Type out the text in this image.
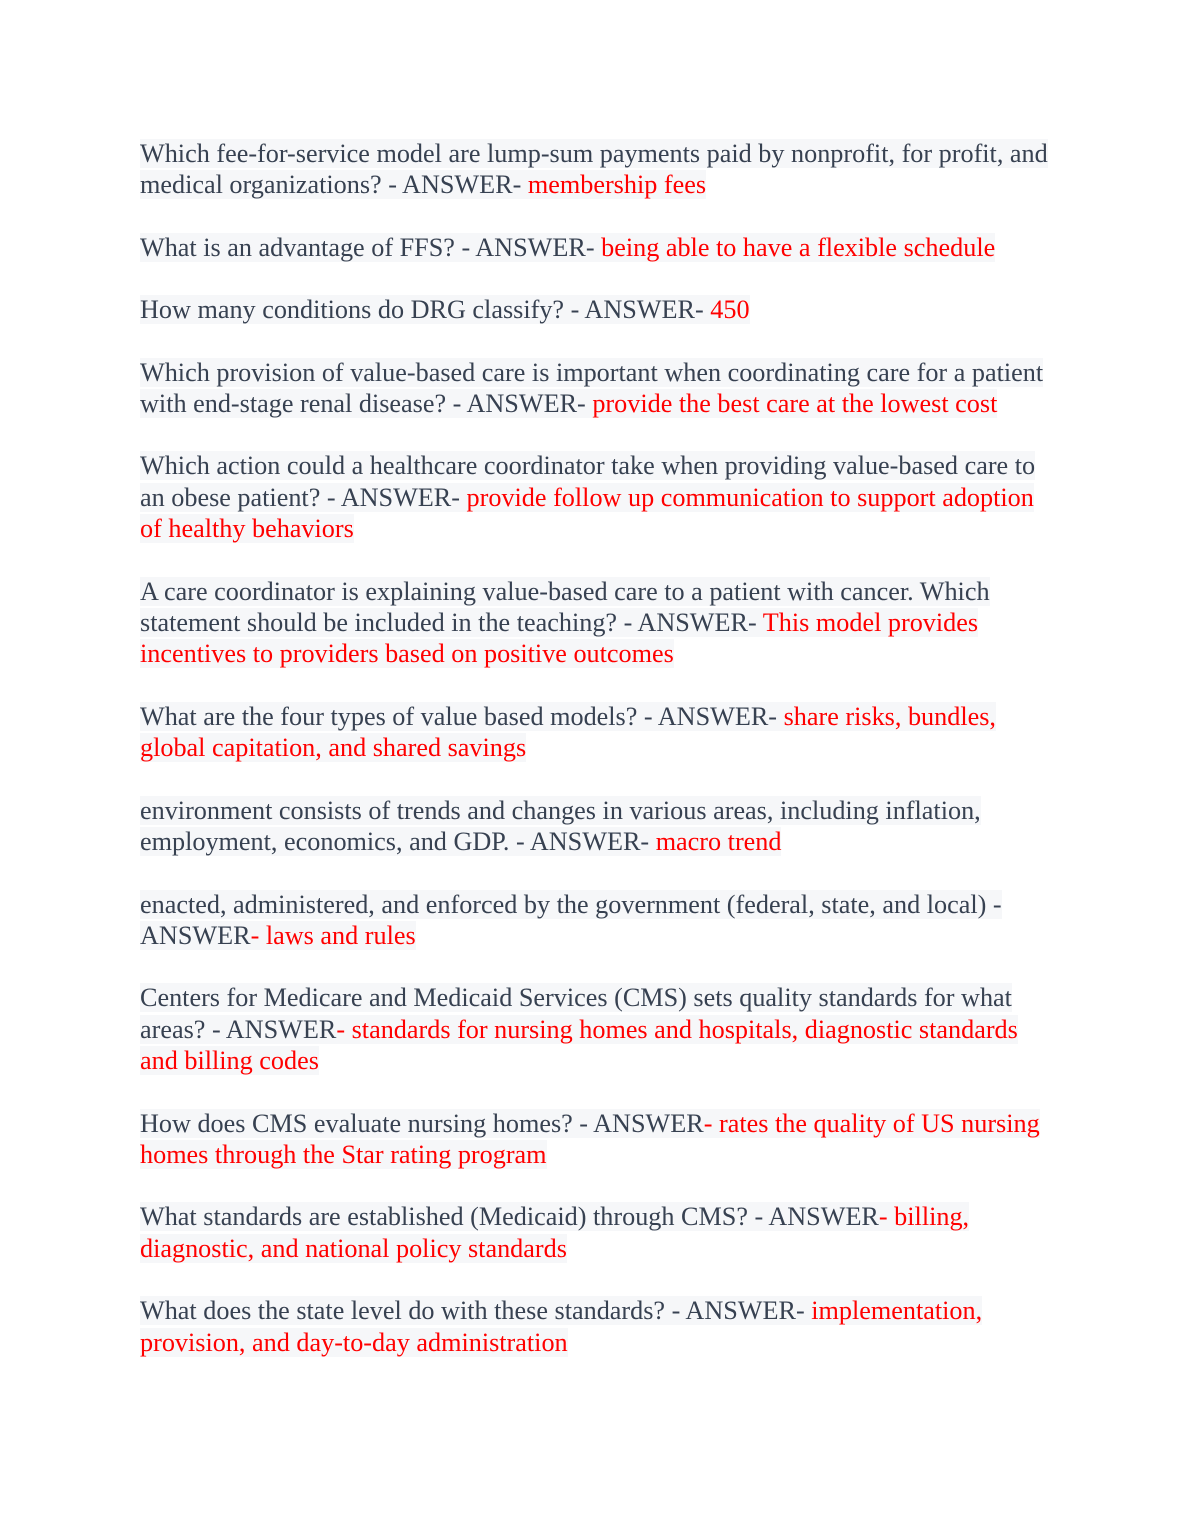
Which fee-for-service model are lump-sum payments paid by nonprofit, for profit, and medical organizations? - ANSWER- membership fees

What is an advantage of FFS? - ANSWER- being able to have a flexible schedule

How many conditions do DRG classify? - ANSWER- 450

Which provision of value-based care is important when coordinating care for a patient with end-stage renal disease? - ANSWER- provide the best care at the lowest cost

Which action could a healthcare coordinator take when providing value-based care to an obese patient? - ANSWER- provide follow up communication to support adoption of healthy behaviors

A care coordinator is explaining value-based care to a patient with cancer. Which statement should be included in the teaching? - ANSWER- This model provides incentives to providers based on positive outcomes

What are the four types of value based models? - ANSWER- share risks, bundles, global capitation, and shared savings

environment consists of trends and changes in various areas, including inflation, employment, economics, and GDP. - ANSWER- macro trend

enacted, administered, and enforced by the government (federal, state, and local) - ANSWER- laws and rules

Centers for Medicare and Medicaid Services (CMS) sets quality standards for what areas? - ANSWER- standards for nursing homes and hospitals, diagnostic standards and billing codes

How does CMS evaluate nursing homes? - ANSWER- rates the quality of US nursing homes through the Star rating program

What standards are established (Medicaid) through CMS? - ANSWER- billing, diagnostic, and national policy standards

What does the state level do with these standards? - ANSWER- implementation, provision, and day-to-day administration
